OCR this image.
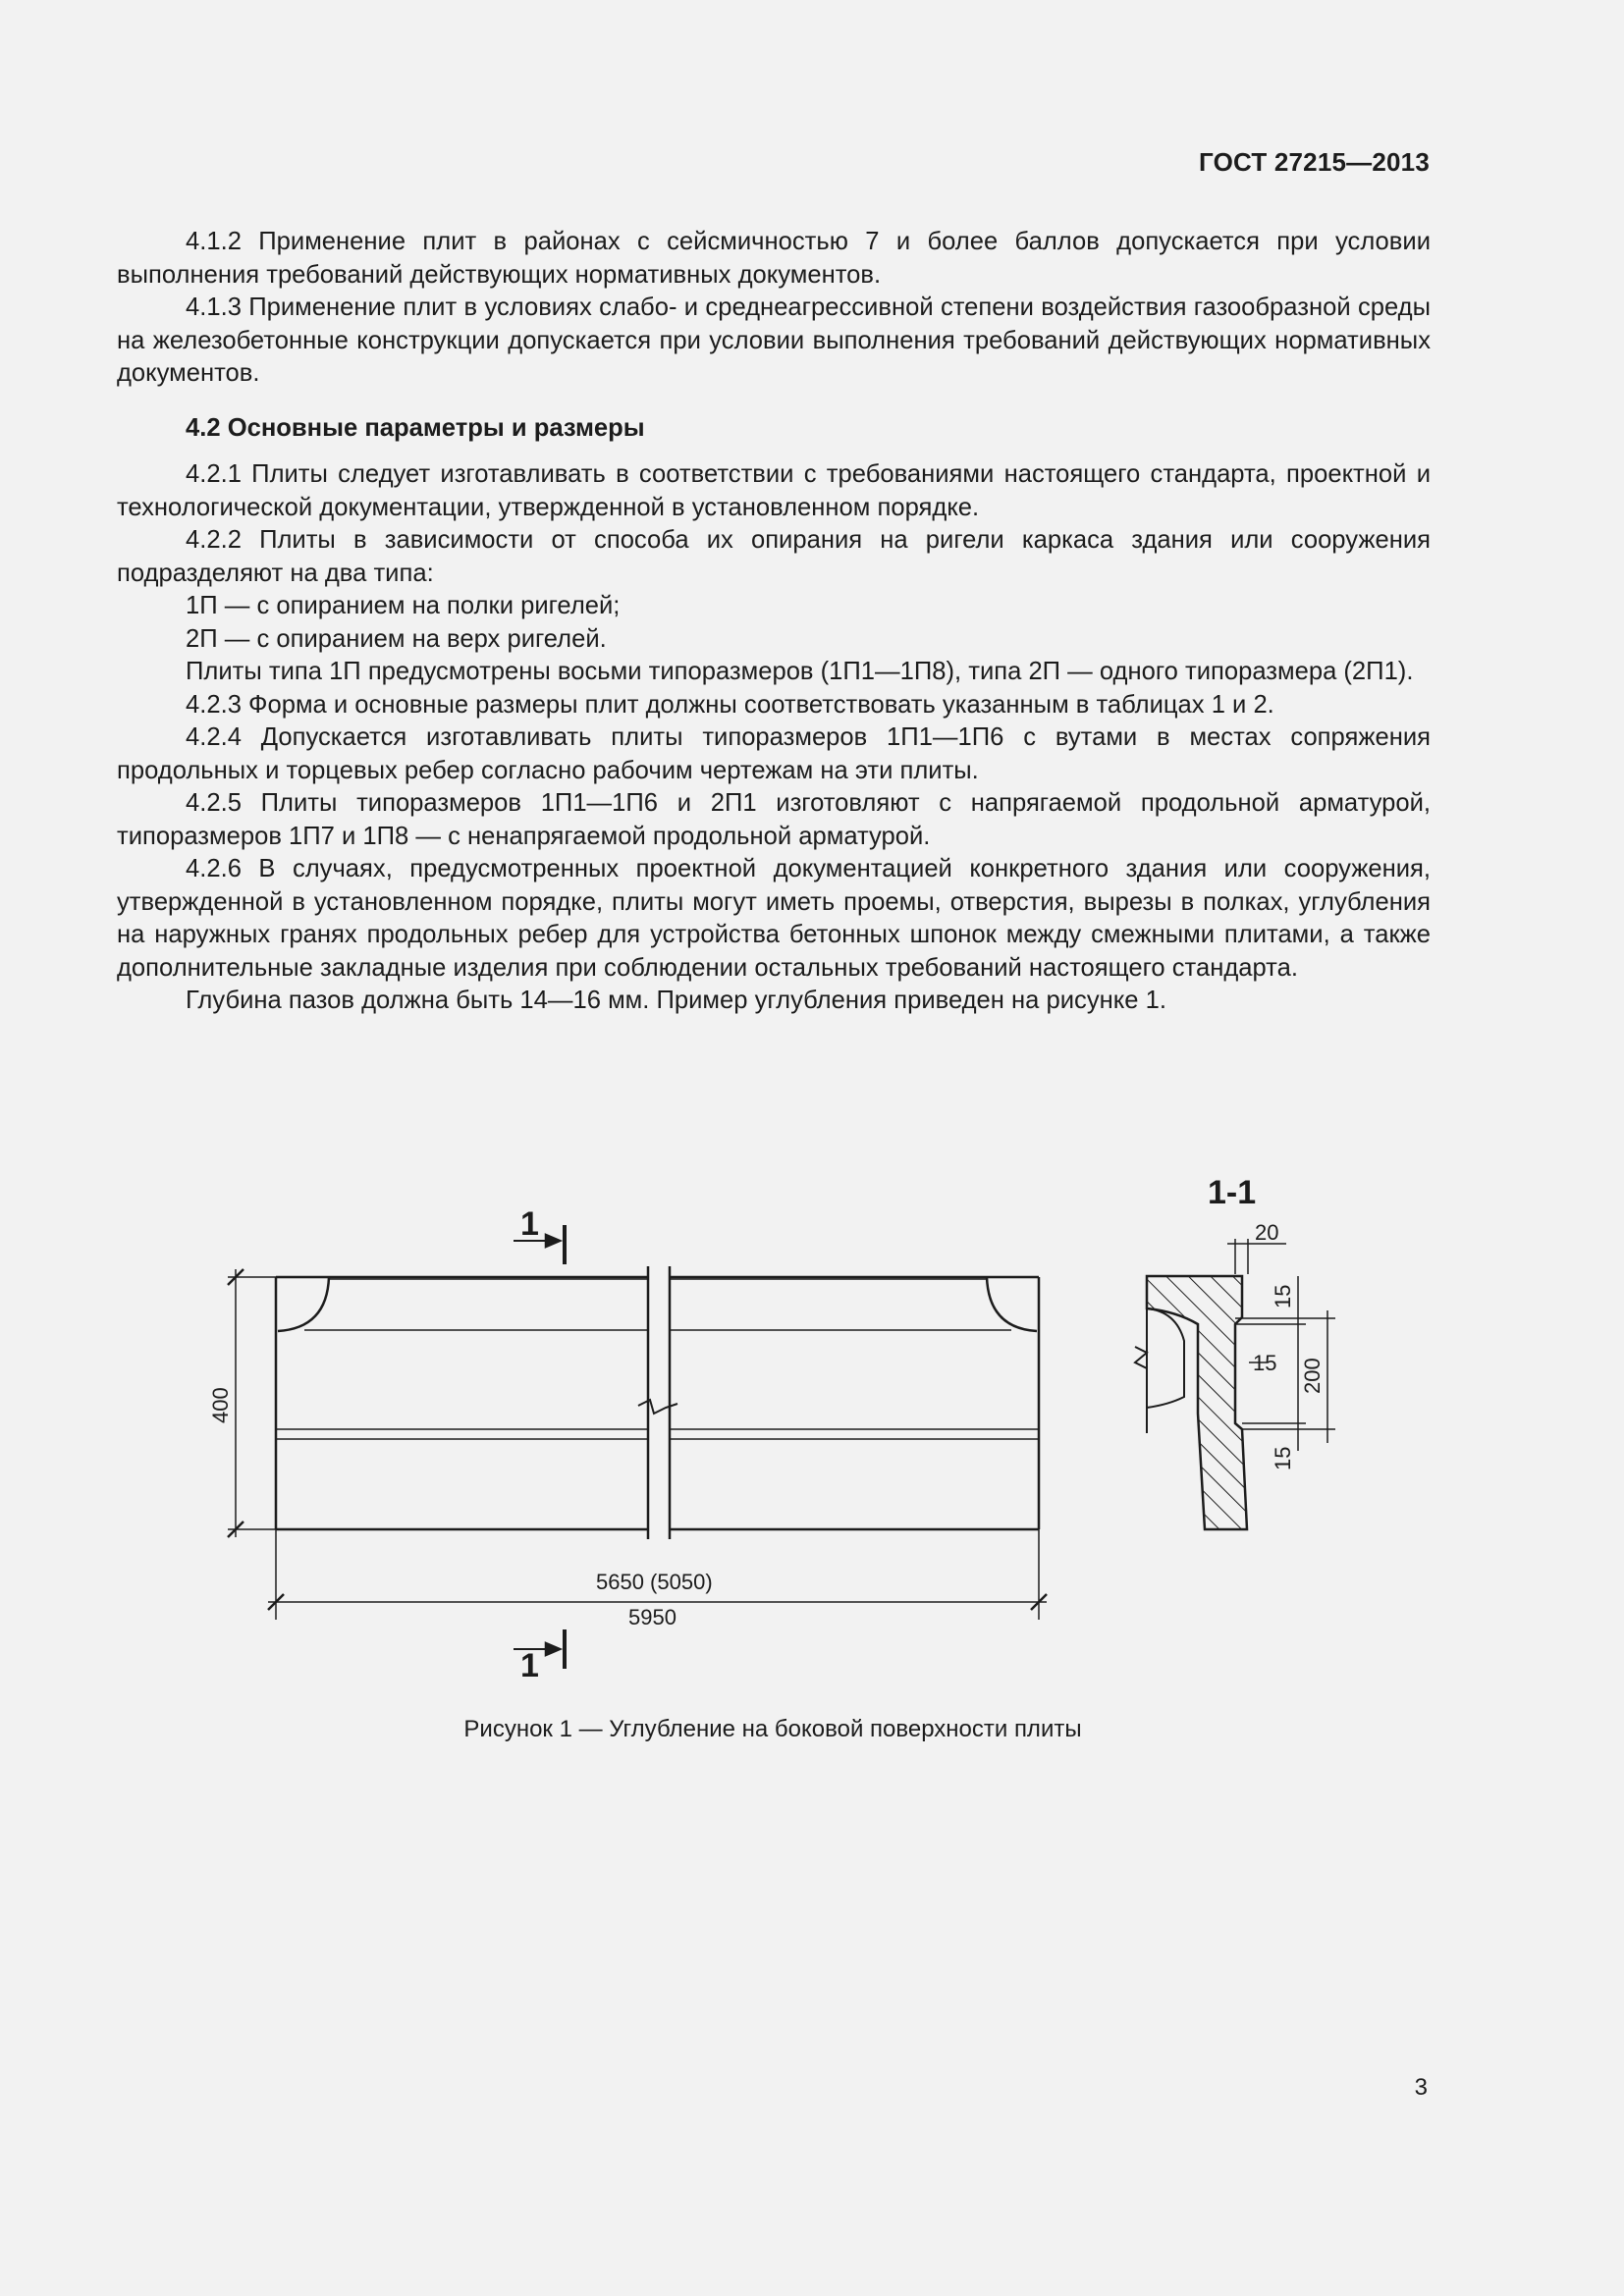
ГОСТ 27215—2013

4.1.2 Применение плит в районах с сейсмичностью 7 и более баллов допускается при условии выполнения требований действующих нормативных документов.

4.1.3 Применение плит в условиях слабо- и среднеагрессивной степени воздействия газообразной среды на железобетонные конструкции допускается при условии выполнения требований действующих нормативных документов.

4.2 Основные параметры и размеры

4.2.1 Плиты следует изготавливать в соответствии с требованиями настоящего стандарта, проектной и технологической документации, утвержденной в установленном порядке.

4.2.2 Плиты в зависимости от способа их опирания на ригели каркаса здания или сооружения подразделяют на два типа:

1П — с опиранием на полки ригелей;

2П — с опиранием на верх ригелей.

Плиты типа 1П предусмотрены восьми типоразмеров (1П1—1П8), типа 2П — одного типоразмера (2П1).

4.2.3 Форма и основные размеры плит должны соответствовать указанным в таблицах 1 и 2.

4.2.4 Допускается изготавливать плиты типоразмеров 1П1—1П6 с вутами в местах сопряжения продольных и торцевых ребер согласно рабочим чертежам на эти плиты.

4.2.5 Плиты типоразмеров 1П1—1П6 и 2П1 изготовляют с напрягаемой продольной арматурой, типоразмеров 1П7 и 1П8 — с ненапрягаемой продольной арматурой.

4.2.6 В случаях, предусмотренных проектной документацией конкретного здания или сооружения, утвержденной в установленном порядке, плиты могут иметь проемы, отверстия, вырезы в полках, углубления на наружных гранях продольных ребер для устройства бетонных шпонок между смежными плитами, а также дополнительные закладные изделия при соблюдении остальных требований настоящего стандарта.

Глубина пазов должна быть 14—16 мм. Пример углубления приведен на рисунке 1.

1
1
1-1
400
5650 (5050)
5950
20
15
15 200
15
Рисунок 1 — Углубление на боковой поверхности плиты
3
